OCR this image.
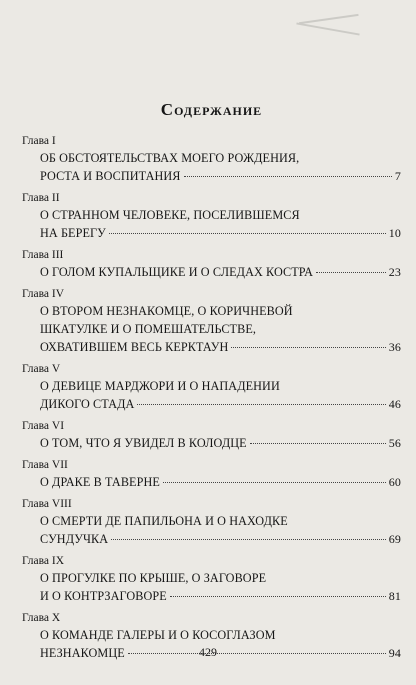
Содержание
Глава I
ОБ ОБСТОЯТЕЛЬСТВАХ МОЕГО РОЖДЕНИЯ,
РОСТА И ВОСПИТАНИЯ	7
Глава II
О СТРАННОМ ЧЕЛОВЕКЕ, ПОСЕЛИВШЕМСЯ
НА БЕРЕГУ	10
Глава III
О ГОЛОМ КУПАЛЬЩИКЕ И О СЛЕДАХ КОСТРА	23
Глава IV
О ВТОРОМ НЕЗНАКОМЦЕ, О КОРИЧНЕВОЙ
ШКАТУЛКЕ И О ПОМЕШАТЕЛЬСТВЕ,
ОХВАТИВШЕМ ВЕСЬ КЕРКТАУН	36
Глава V
О ДЕВИЦЕ МАРДЖОРИ И О НАПАДЕНИИ
ДИКОГО СТАДА	46
Глава VI
О ТОМ, ЧТО Я УВИДЕЛ В КОЛОДЦЕ	56
Глава VII
О ДРАКЕ В ТАВЕРНЕ	60
Глава VIII
О СМЕРТИ ДЕ ПАПИЛЬОНА И О НАХОДКЕ
СУНДУЧКА	69
Глава IX
О ПРОГУЛКЕ ПО КРЫШЕ, О ЗАГОВОРЕ
И О КОНТРЗАГОВОРЕ	81
Глава X
О КОМАНДЕ ГАЛЕРЫ И О КОСОГЛАЗОМ
НЕЗНАКОМЦЕ	94
429
